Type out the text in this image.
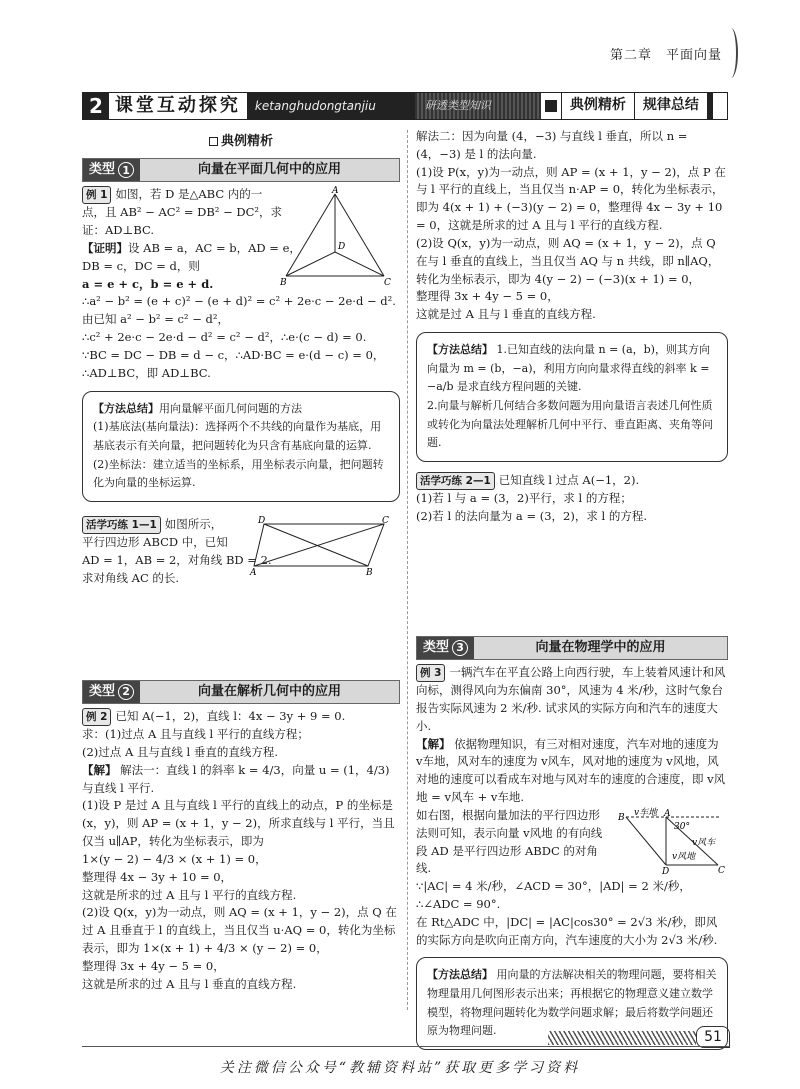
第二章　平面向量
2 课堂互动探究	ketanghudongtanjiu	研透类型知识	典例精析	规律总结
典例精析
类型 1	向量在平面几何中的应用
A
B	C
D

例 1 如图，若 D 是△ABC 内的一

点，且 AB² − AC² = DB² − DC²，求

证：AD⊥BC.

【证明】设 AB = a，AC = b，AD = e，

DB = c，DC = d，则

a = e + c，b = e + d.

∴a² − b² = (e + c)² − (e + d)² = c² + 2e·c − 2e·d − d².

由已知 a² − b² = c² − d²，

∴c² + 2e·c − 2e·d − d² = c² − d²，∴e·(c − d) = 0.

∵BC = DC − DB = d − c，∴AD·BC = e·(d − c) = 0，

∴AD⊥BC，即 AD⊥BC.

【方法总结】用向量解平面几何问题的方法

(1)基底法(基向量法)：选择两个不共线的向量作为基底，用基底表示有关向量，把问题转化为只含有基底向量的运算.

(2)坐标法：建立适当的坐标系，用坐标表示向量，把问题转化为向量的坐标运算.

D	C
A	B

活学巧练 1—1 如图所示，

平行四边形 ABCD 中，已知

AD = 1，AB = 2，对角线 BD = 2.

求对角线 AC 的长.

类型 2	向量在解析几何中的应用

例 2 已知 A(−1，2)，直线 l：4x − 3y + 9 = 0.

求：(1)过点 A 且与直线 l 平行的直线方程；

(2)过点 A 且与直线 l 垂直的直线方程.

【解】 解法一：直线 l 的斜率 k = 4/3，向量 u = (1，4/3) 与直线 l 平行.

(1)设 P 是过 A 且与直线 l 平行的直线上的动点，P 的坐标是 (x，y)，则 AP = (x + 1，y − 2)，所求直线与 l 平行，当且仅当 u∥AP，转化为坐标表示，即为

1×(y − 2) − 4/3 × (x + 1) = 0，

整理得 4x − 3y + 10 = 0，

这就是所求的过 A 且与 l 平行的直线方程.

(2)设 Q(x，y)为一动点，则 AQ = (x + 1，y − 2)，点 Q 在过 A 且垂直于 l 的直线上，当且仅当 u·AQ = 0，转化为坐标表示，即为 1×(x + 1) + 4/3 × (y − 2) = 0，

整理得 3x + 4y − 5 = 0，

这就是所求的过 A 且与 l 垂直的直线方程.

解法二：因为向量 (4，−3) 与直线 l 垂直，所以 n = (4，−3) 是 l 的法向量.

(1)设 P(x，y)为一动点，则 AP = (x + 1，y − 2)，点 P 在与 l 平行的直线上，当且仅当 n·AP = 0，转化为坐标表示，即为 4(x + 1) + (−3)(y − 2) = 0，整理得 4x − 3y + 10 = 0，这就是所求的过 A 且与 l 平行的直线方程.

(2)设 Q(x，y)为一动点，则 AQ = (x + 1，y − 2)，点 Q 在与 l 垂直的直线上，当且仅当 AQ 与 n 共线，即 n∥AQ，转化为坐标表示，即为 4(y − 2) − (−3)(x + 1) = 0，

整理得 3x + 4y − 5 = 0，

这就是过 A 且与 l 垂直的直线方程.

【方法总结】 1.已知直线的法向量 n = (a，b)，则其方向向量为 m = (b，−a)，利用方向向量求得直线的斜率 k = −a/b 是求直线方程问题的关键.

2.向量与解析几何结合多数问题为用向量语言表述几何性质或转化为向量法处理解析几何中平行、垂直距离、夹角等问题.

活学巧练 2—1 已知直线 l 过点 A(−1，2).

(1)若 l 与 a = (3，2)平行，求 l 的方程；

(2)若 l 的法向量为 a = (3，2)，求 l 的方程.

类型 3	向量在物理学中的应用

例 3 一辆汽车在平直公路上向西行驶，车上装着风速计和风向标，测得风向为东偏南 30°，风速为 4 米/秒，这时气象台报告实际风速为 2 米/秒. 试求风的实际方向和汽车的速度大小.

【解】 依据物理知识，有三对相对速度，汽车对地的速度为 v车地，风对车的速度为 v风车，风对地的速度为 v风地，风对地的速度可以看成车对地与风对车的速度的合速度，即 v风地 = v风车 + v车地.

B	A
C
D
30°
v车地
v风车
v风地

如右图，根据向量加法的平行四边形法则可知，表示向量 v风地 的有向线段 AD 是平行四边形 ABDC 的对角线.

∵|AC| = 4 米/秒，∠ACD = 30°，|AD| = 2 米/秒，

∴∠ADC = 90°.

在 Rt△ADC 中，|DC| = |AC|cos30° = 2√3 米/秒，即风的实际方向是吹向正南方向，汽车速度的大小为 2√3 米/秒.

【方法总结】 用向量的方法解决相关的物理问题，要将相关物理量用几何图形表示出来；再根据它的物理意义建立数学模型，将物理问题转化为数学问题求解；最后将数学问题还原为物理问题.	51
关注微信公众号“教辅资料站”获取更多学习资料
